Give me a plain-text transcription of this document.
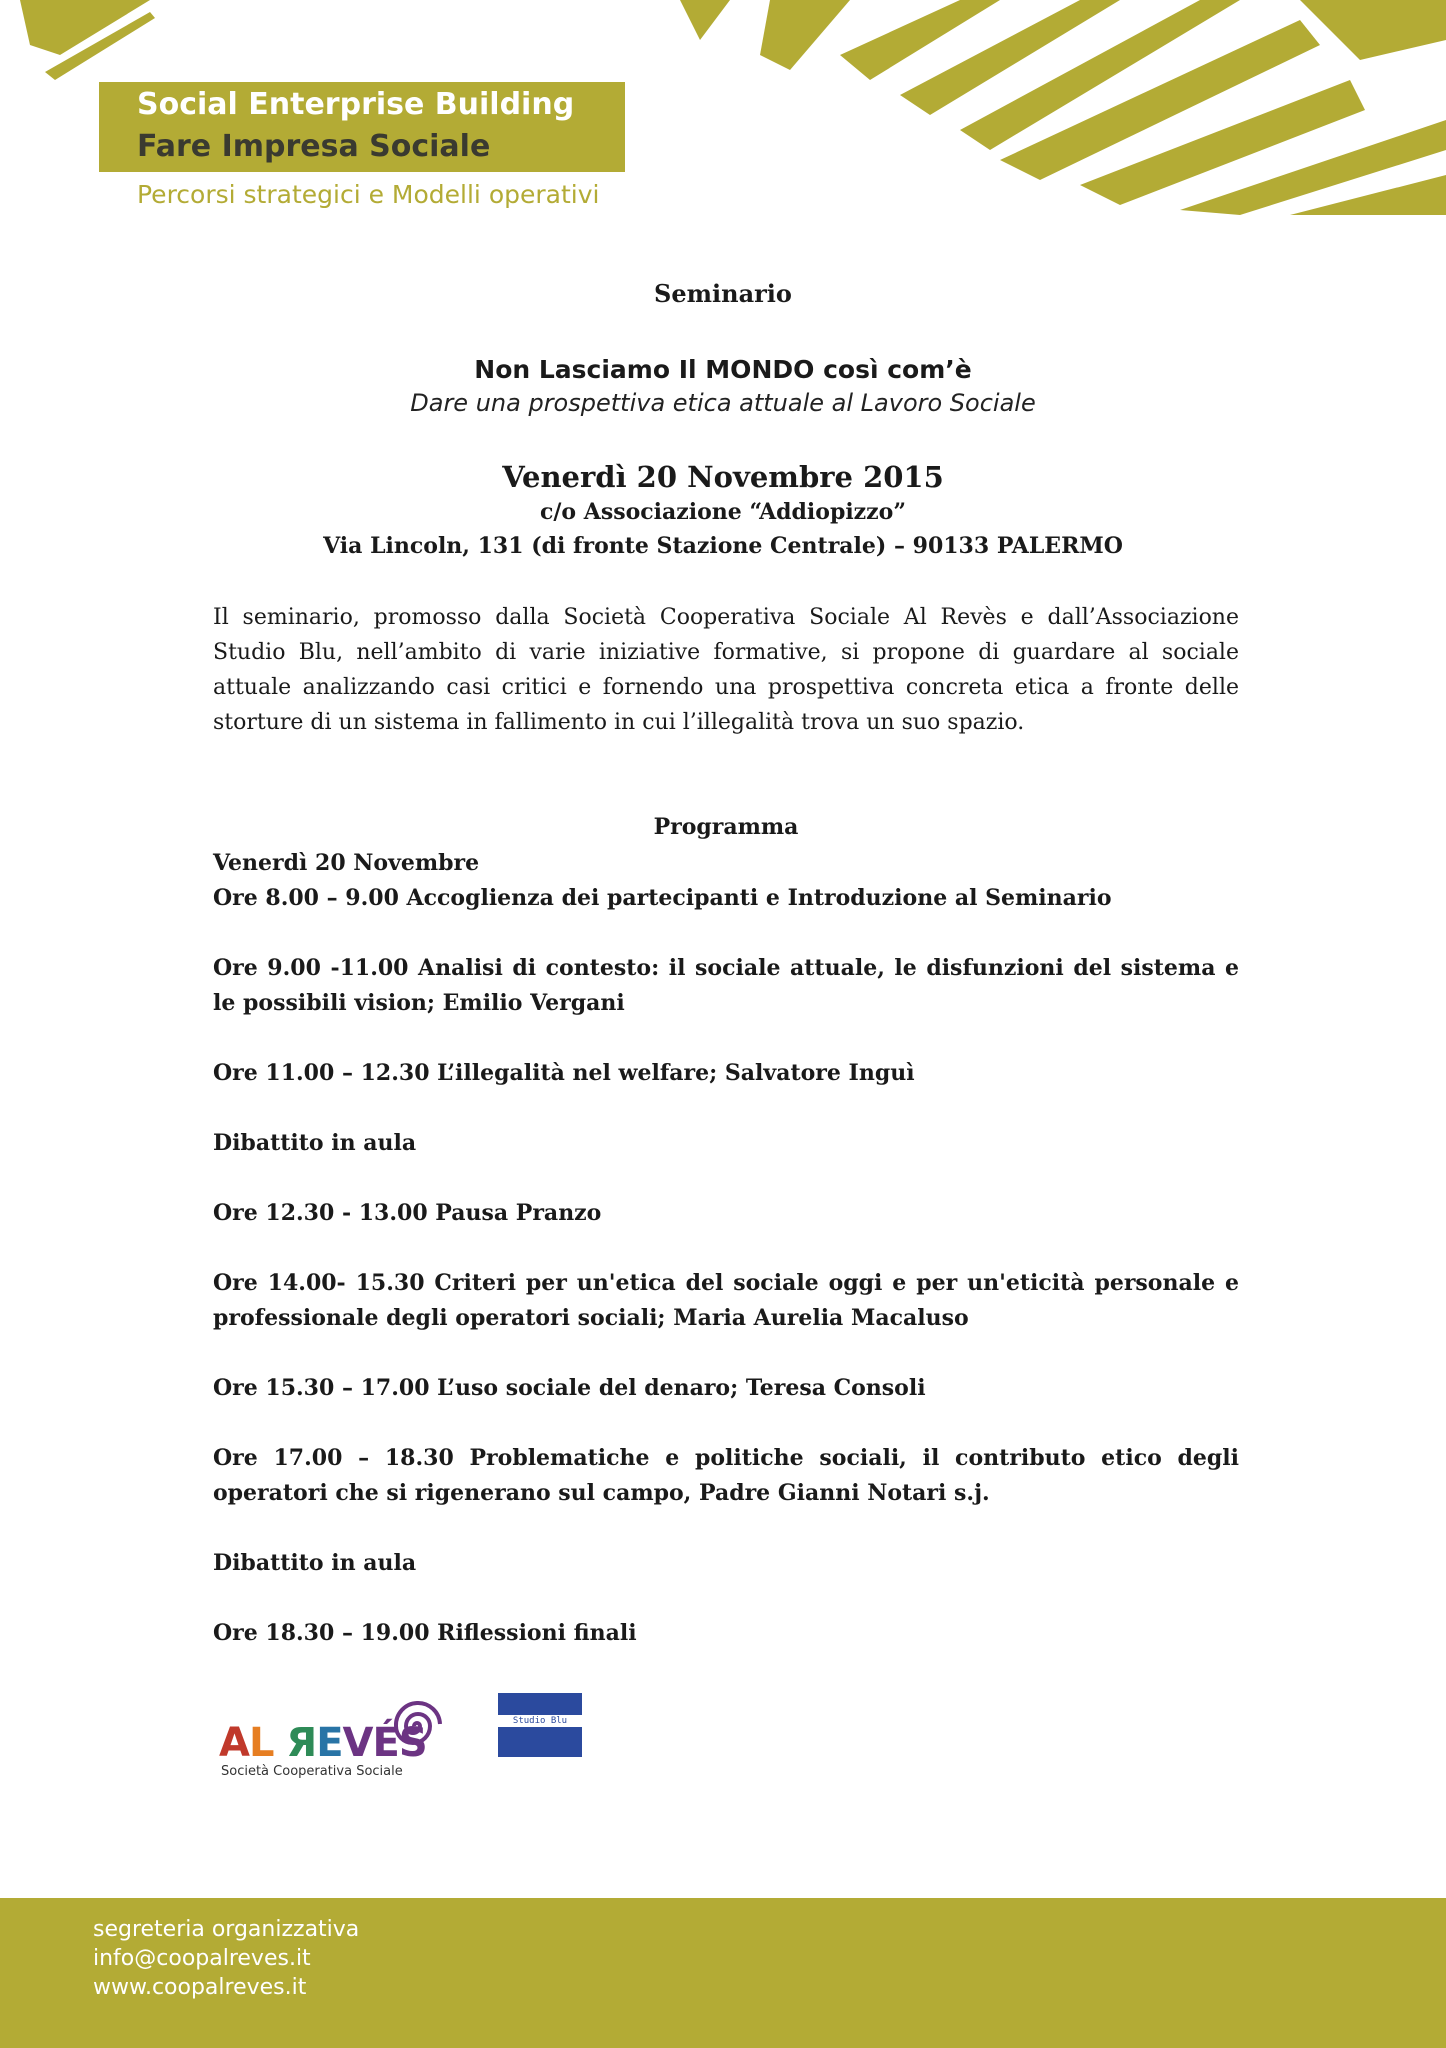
Social Enterprise Building
Fare Impresa Sociale
Percorsi strategici e Modelli operativi
Seminario
Non Lasciamo Il MONDO così com’è
Dare una prospettiva etica attuale al Lavoro Sociale
Venerdì 20 Novembre 2015
c/o Associazione “Addiopizzo”
Via Lincoln, 131 (di fronte Stazione Centrale) – 90133 PALERMO
Il seminario, promosso dalla Società Cooperativa Sociale Al Revès e dall’Associazione Studio Blu, nell’ambito di varie iniziative formative, si propone di guardare al sociale attuale analizzando casi critici e fornendo una prospettiva concreta etica a fronte delle storture di un sistema in fallimento in cui l’illegalità trova un suo spazio.
Programma

Venerdì 20 Novembre

Ore 8.00 – 9.00 Accoglienza dei partecipanti e Introduzione al Seminario

Ore 9.00 -11.00 Analisi di contesto: il sociale attuale, le disfunzioni del sistema e le possibili vision; Emilio Vergani

Ore 11.00 – 12.30 L’illegalità nel welfare; Salvatore Inguì

Dibattito in aula

Ore 12.30 - 13.00 Pausa Pranzo

Ore 14.00- 15.30 Criteri per un'etica del sociale oggi e per un'eticità personale e professionale degli operatori sociali; Maria Aurelia Macaluso

Ore 15.30 – 17.00 L’uso sociale del denaro; Teresa Consoli

Ore 17.00 – 18.30 Problematiche e politiche sociali, il contributo etico degli operatori che si rigenerano sul campo, Padre Gianni Notari s.j.

Dibattito in aula

Ore 18.30 – 19.00 Riflessioni finali

AL ЯEVÉS
Società Cooperativa Sociale
Studio Blu
segreteria organizzativa
info@coopalreves.it
www.coopalreves.it
